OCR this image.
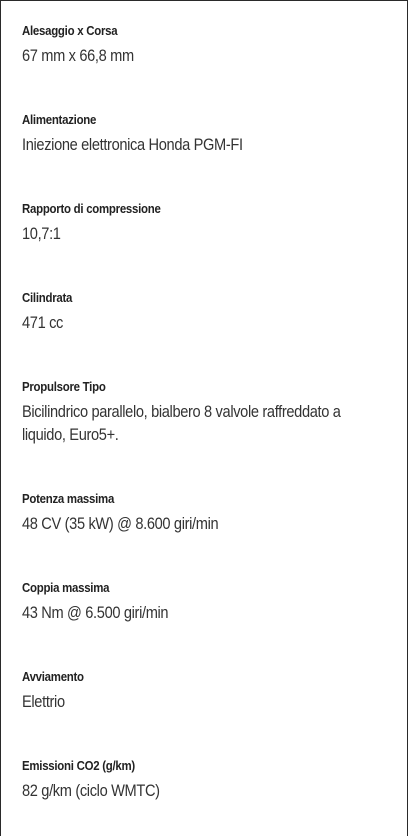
Alesaggio x Corsa
67 mm x 66,8 mm
Alimentazione
Iniezione elettronica Honda PGM-FI
Rapporto di compressione
10,7:1
Cilindrata
471 cc
Propulsore Tipo
Bicilindrico parallelo, bialbero 8 valvole raffreddato a liquido, Euro5+.
Potenza massima
48 CV (35 kW) @ 8.600 giri/min
Coppia massima
43 Nm @ 6.500 giri/min
Avviamento
Elettrio
Emissioni CO2 (g/km)
82 g/km (ciclo WMTC)
